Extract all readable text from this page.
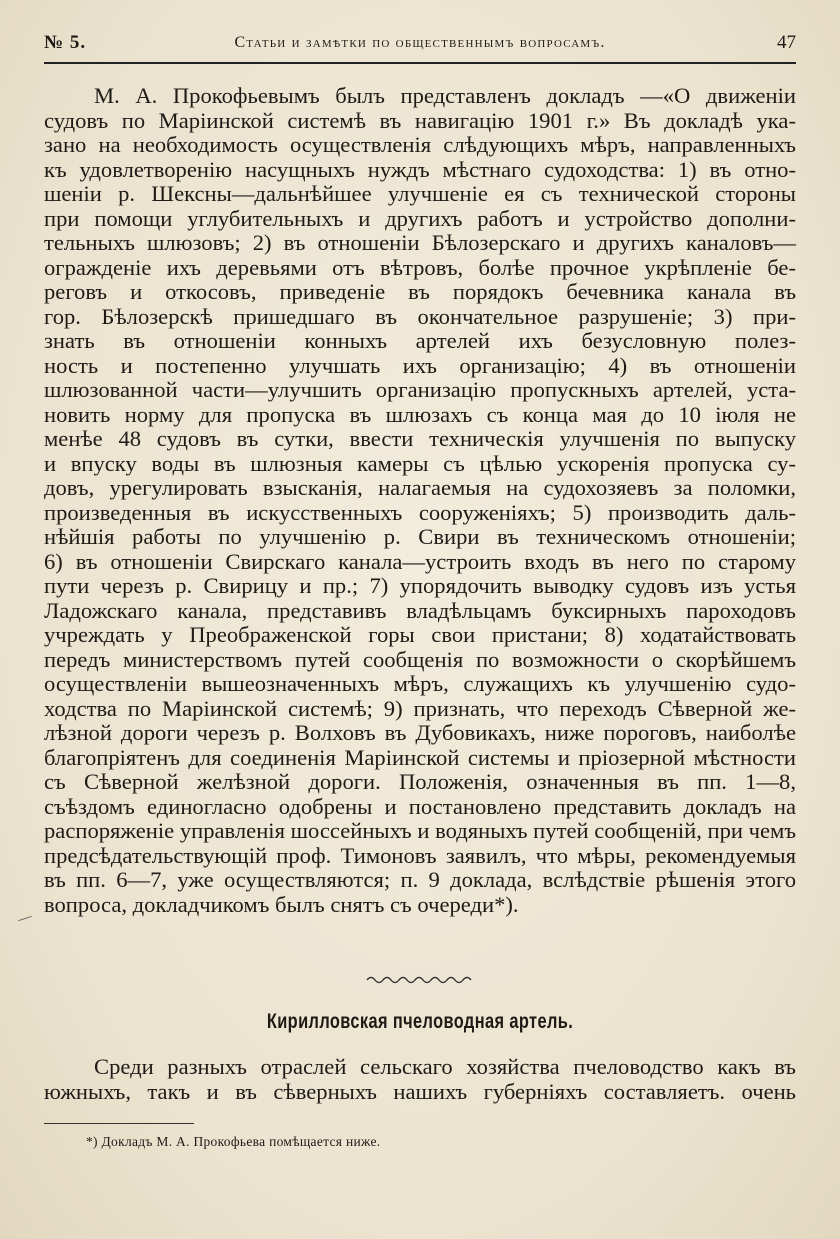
№ 5.	Статьи и замѣтки по общественнымъ вопросамъ.	47
М. А. Прокофьевымъ былъ представленъ докладъ —«О движенiи
судовъ по Марiинской системѣ въ навигацiю 1901 г.» Въ докладѣ ука-
зано на необходимость осуществленiя слѣдующихъ мѣръ, направленныхъ
къ удовлетворенiю насущныхъ нуждъ мѣстнаго судоходства: 1) въ отно-
шенiи р. Шексны—дальнѣйшее улучшенiе ея съ технической стороны
при помощи углубительныхъ и другихъ работъ и устройство дополни-
тельныхъ шлюзовъ; 2) въ отношенiи Бѣлозерскаго и другихъ каналовъ—
огражденiе ихъ деревьями отъ вѣтровъ, болѣе прочное укрѣпленiе бе-
реговъ и откосовъ, приведенiе въ порядокъ бечевника канала въ
гор. Бѣлозерскѣ пришедшаго въ окончательное разрушенiе; 3) при-
знать въ отношенiи конныхъ артелей ихъ безусловную полез-
ность и постепенно улучшать ихъ организацiю; 4) въ отношенiи
шлюзованной части—улучшить организацiю пропускныхъ артелей, уста-
новить норму для пропуска въ шлюзахъ съ конца мая до 10 iюля не
менѣе 48 судовъ въ сутки, ввести техническiя улучшенiя по выпуску
и впуску воды въ шлюзныя камеры съ цѣлью ускоренiя пропуска су-
довъ, урегулировать взысканiя, налагаемыя на судохозяевъ за поломки,
произведенныя въ искусственныхъ сооруженiяхъ; 5) производить даль-
нѣйшiя работы по улучшенiю р. Свири въ техническомъ отношенiи;
6) въ отношенiи Свирскаго канала—устроить входъ въ него по старому
пути черезъ р. Свирицу и пр.; 7) упорядочить выводку судовъ изъ устья
Ладожскаго канала, представивъ владѣльцамъ буксирныхъ пароходовъ
учреждать у Преображенской горы свои пристани; 8) ходатайствовать
передъ министерствомъ путей сообщенiя по возможности о скорѣйшемъ
осуществленiи вышеозначенныхъ мѣръ, служащихъ къ улучшенiю судо-
ходства по Марiинской системѣ; 9) признать, что переходъ Сѣверной же-
лѣзной дороги черезъ р. Волховъ въ Дубовикахъ, ниже пороговъ, наиболѣе
благопрiятенъ для соединенiя Марiинской системы и прiозерной мѣстности
съ Сѣверной желѣзной дороги. Положенiя, означенныя въ пп. 1—8,
съѣздомъ единогласно одобрены и постановлено представить докладъ на
распоряженiе управленiя шоссейныхъ и водяныхъ путей сообщенiй, при чемъ
предсѣдательствующiй проф. Тимоновъ заявилъ, что мѣры, рекомендуемыя
въ пп. 6—7, уже осуществляются; п. 9 доклада, вслѣдствiе рѣшенiя этого
вопроса, докладчикомъ былъ снятъ съ очереди*).
Кирилловская пчеловодная артель.
Среди разныхъ отраслей сельскаго хозяйства пчеловодство какъ въ
южныхъ, такъ и въ сѣверныхъ нашихъ губернiяхъ составляетъ. очень
*) Докладъ М. А. Прокофьева помѣщается ниже.
